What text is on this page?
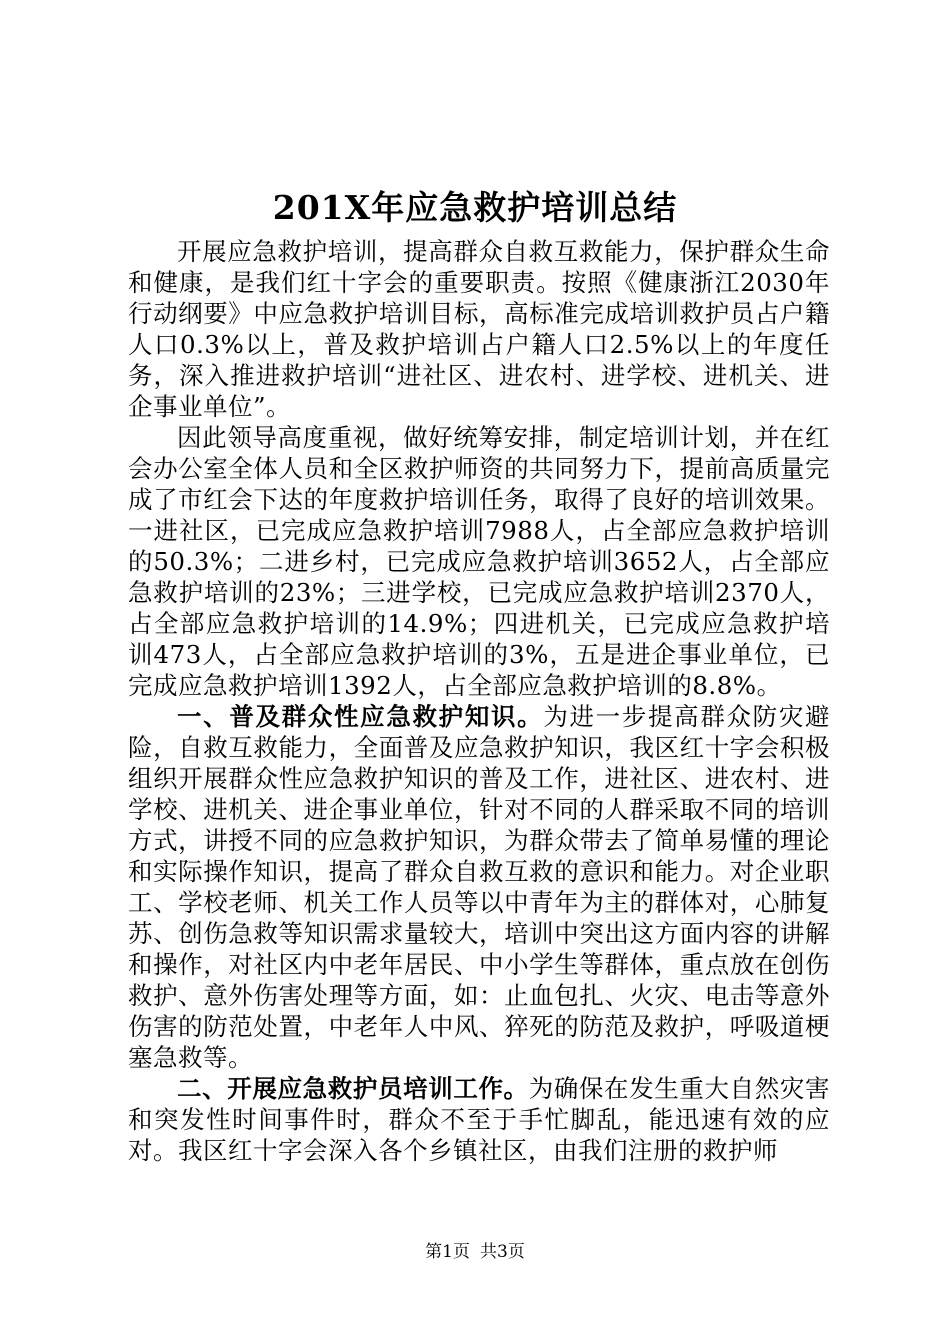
201X年应急救护培训总结

开展应急救护培训，提高群众自救互救能力，保护群众生命和健康，是我们红十字会的重要职责。按照《健康浙江2030年行动纲要》中应急救护培训目标，高标准完成培训救护员占户籍人口0.3%以上，普及救护培训占户籍人口2.5%以上的年度任务，深入推进救护培训“进社区、进农村、进学校、进机关、进企事业单位”。

因此领导高度重视，做好统筹安排，制定培训计划，并在红会办公室全体人员和全区救护师资的共同努力下，提前高质量完成了市红会下达的年度救护培训任务，取得了良好的培训效果。一进社区，已完成应急救护培训7988人，占全部应急救护培训的50.3%；二进乡村，已完成应急救护培训3652人，占全部应急救护培训的23%；三进学校，已完成应急救护培训2370人，占全部应急救护培训的14.9%；四进机关，已完成应急救护培训473人，占全部应急救护培训的3%，五是进企事业单位，已完成应急救护培训1392人，占全部应急救护培训的8.8%。

一、普及群众性应急救护知识。为进一步提高群众防灾避险，自救互救能力，全面普及应急救护知识，我区红十字会积极组织开展群众性应急救护知识的普及工作，进社区、进农村、进学校、进机关、进企事业单位，针对不同的人群采取不同的培训方式，讲授不同的应急救护知识，为群众带去了简单易懂的理论和实际操作知识，提高了群众自救互救的意识和能力。对企业职工、学校老师、机关工作人员等以中青年为主的群体对，心肺复苏、创伤急救等知识需求量较大，培训中突出这方面内容的讲解和操作，对社区内中老年居民、中小学生等群体，重点放在创伤救护、意外伤害处理等方面，如：止血包扎、火灾、电击等意外伤害的防范处置，中老年人中风、猝死的防范及救护，呼吸道梗塞急救等。

二、开展应急救护员培训工作。为确保在发生重大自然灾害和突发性时间事件时，群众不至于手忙脚乱，能迅速有效的应对。我区红十字会深入各个乡镇社区，由我们注册的救护师

第1页 共3页
